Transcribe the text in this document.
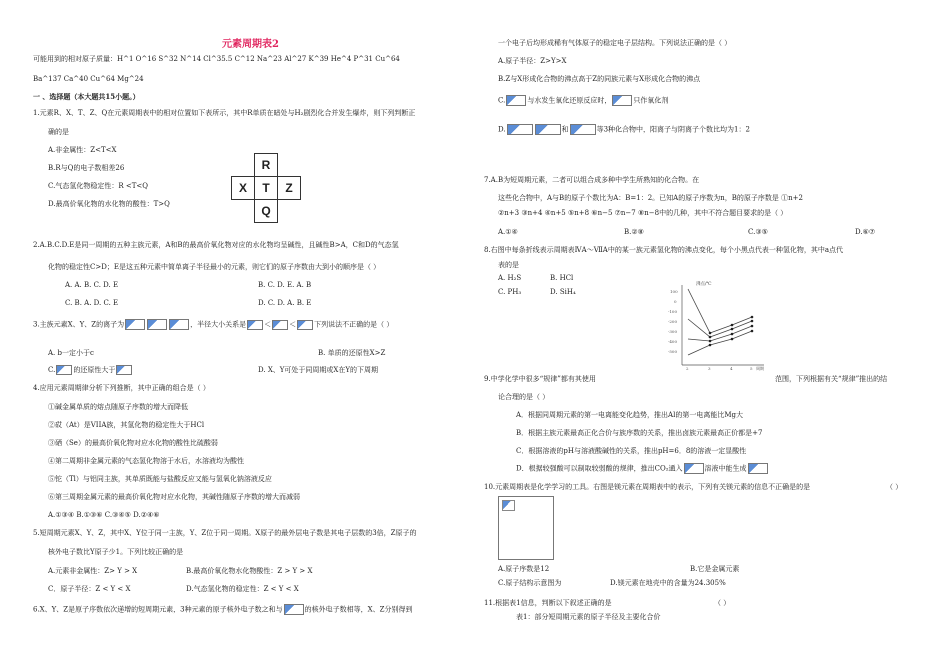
元素周期表2
可能用到的相对原子质量：H^1 O^16 S^32 N^14 Cl^35.5 C^12 Na^23 Al^27 K^39 He^4 P^31 Cu^64
Ba^137 Ca^40 Cu^64 Mg^24
一 、选择题（本大题共15小题。）
1.元素R、X、T、Z、Q在元素周期表中的相对位置如下表所示，其中R单质在暗处与H₂剧烈化合并发生爆炸，则下列判断正
确的是
A.非金属性：Z<T<X
B.R与Q的电子数相差26
C.气态氢化物稳定性：R <T<Q
D.最高价氧化物的水化物的酸性：T>Q
R
X	T	Z
Q
2.A.B.C.D.E是同一周期的五种主族元素，A和B的最高价氧化物对应的水化物均呈碱性，且碱性B>A，C和D的气态氢
化物的稳定性C>D；E是这五种元素中简单离子半径最小的元素，则它们的原子序数由大到小的顺序是（ ）
A. A. B. C. D. E	B. C. D. E. A. B
C. B. A. D. C. E	D. C. D. A. B. E
3.主族元素X、Y、Z的离子为	，半径大小关系是	＜	＜	下列说法不正确的是（ ）
A. b一定小于c	B. 单质的还原性X>Z
C.	的还原性大于	D. X、Y可处于同周期或X在Y的下周期
4.应用元素周期律分析下列推断，其中正确的组合是（ ）
①碱金属单质的熔点随原子序数的增大而降低
②砹（At）是VIIA族，其氢化物的稳定性大于HCl
③硒（Se）的最高价氧化物对应水化物的酸性比硫酸弱
④第二周期非金属元素的气态氢化物溶于水后，水溶液均为酸性
⑤铊（Tl）与铝同主族，其单质既能与盐酸反应又能与氢氧化钠溶液反应
⑥第三周期金属元素的最高价氧化物对应水化物，其碱性随原子序数的增大而减弱
A.①③④ B.①③⑥ C.③④⑤ D.②④⑥
5.短周期元素X、Y、Z，其中X、Y位于同一主族，Y、Z位于同一周期。X原子的最外层电子数是其电子层数的3倍，Z原子的
核外电子数比Y原子少1。下列比较正确的是
A.元素非金属性：Z> Y > X	B.最高价氧化物水化物酸性：Z > Y > X
C．原子半径：Z < Y < X	D.气态氢化物的稳定性：Z < Y < X
6.X、Y、Z是原子序数依次递增的短周期元素，3种元素的原子核外电子数之和与	的核外电子数相等，X、Z分别得到
一个电子后均形成稀有气体原子的稳定电子层结构。下列说法正确的是（ ）
A.原子半径：Z>Y>X
B.Z与X形成化合物的沸点高于Z的同族元素与X形成化合物的沸点
C.	与水发生氧化还原反应时，	只作氧化剂
D.	和	等3种化合物中，阳离子与阴离子个数比均为1：2
7.A.B为短周期元素，二者可以组合成多种中学生所熟知的化合物。在
这些化合物中，A与B的原子个数比为A：B=1：2。已知A的原子序数为n，B的原子序数是 ①n+2
②n+3 ③n+4 ④n+5 ⑤n+8 ⑥n−5 ⑦n−7 ⑧n−8中的几种，其中不符合题目要求的是（ ）
A.①④	B.②⑧	C.③⑤	D.⑥⑦
8.右图中每条折线表示周期表ⅣA～ⅦA中的某一族元素氢化物的沸点变化，每个小黑点代表一种氢化物，其中a点代
表的是
A. H₂S	B. HCl
C. PH₃	D. SiH₄
沸点/℃
周期
100
0
-100
-200
-300
-400
-500
2	3	4	5
9.中学化学中很多“规律”都有其使用	范围，下列根据有关“规律”推出的结
论合理的是（ ）
A．根据同周期元素的第一电离能变化趋势，推出Al的第一电离能比Mg大
B．根据主族元素最高正化合价与族序数的关系，推出卤族元素最高正价都是+7
C．根据溶液的pH与溶液酸碱性的关系，推出pH=6．8的溶液一定显酸性
D．根据较强酸可以制取较弱酸的规律，推出CO₂通入	溶液中能生成
10.元素周期表是化学学习的工具。右图是镁元素在周期表中的表示，下列有关镁元素的信息不正确是的是	（ ）
A.原子序数是12	B.它是金属元素
C.原子结构示意图为	D.镁元素在地壳中的含量为24.305%
11.根据表1信息，判断以下叙述正确的是	（ ）
表1：部分短周期元素的原子半径及主要化合价
